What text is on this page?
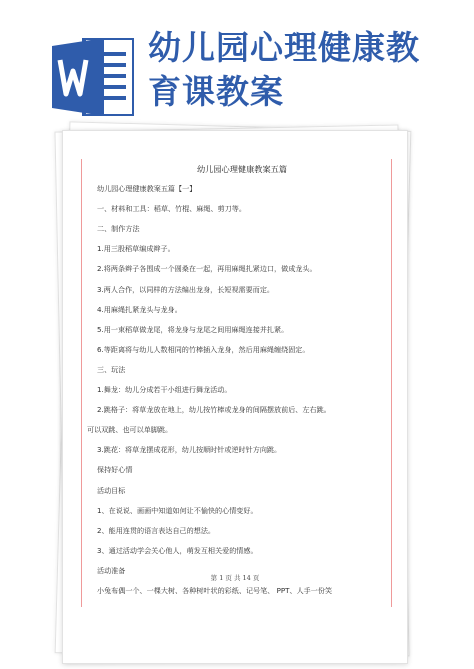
幼儿园心理健康教
育课教案
幼儿园心理健康教案五篇
幼儿园心理健康教案五篇【一】
一、材料和工具：稻草、竹棍、麻绳、剪刀等。
二、制作方法
1.用三股稻草编成辫子。
2.将两条辫子各围成一个圆桑在一起，再用麻绳扎紧边口，做成龙头。
3.两人合作，以同样的方法编出龙身，长短视需要而定。
4.用麻绳扎紧龙头与龙身。
5.用一束稻草做龙尾，将龙身与龙尾之间用麻绳连接并扎紧。
6.等距离将与幼儿人数相同的竹棒插入龙身，然后用麻绳缠绕固定。
三、玩法
1.舞龙：幼儿分成若干小组进行舞龙活动。
2.跳格子：将草龙放在地上，幼儿按竹棒或龙身的间隔摆放前后、左右跳。
可以双跳、也可以单脚跳。
3.跳花：将草龙摆成花形，幼儿按顺时针或逆时针方向跳。
保持好心情
活动目标
1、在说说、画画中知道如何让不愉快的心情变好。
2、能用连贯的语言表达自己的想法。
3、通过活动学会关心他人，萌发互相关爱的情感。
活动准备
小兔布偶一个、一棵大树、各种树叶状的彩纸、记号笔、 PPT、人手一份笑
第 1 页 共 14 页
